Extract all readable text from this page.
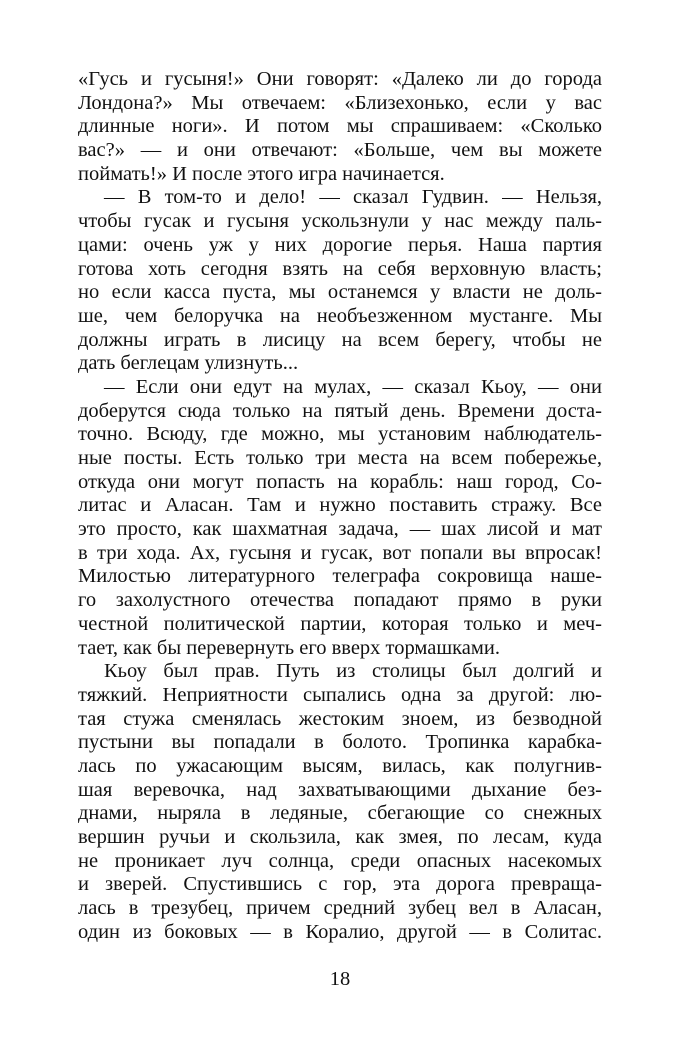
«Гусь и гусыня!» Они говорят: «Далеко ли до города
Лондона?» Мы отвечаем: «Близехонько, если у вас
длинные ноги». И потом мы спрашиваем: «Сколько
вас?» — и они отвечают: «Больше, чем вы можете
поймать!» И после этого игра начинается.
— В том-то и дело! — сказал Гудвин. — Нельзя,
чтобы гусак и гусыня ускользнули у нас между паль-
цами: очень уж у них дорогие перья. Наша партия
готова хоть сегодня взять на себя верховную власть;
но если касса пуста, мы останемся у власти не доль-
ше, чем белоручка на необъезженном мустанге. Мы
должны играть в лисицу на всем берегу, чтобы не
дать беглецам улизнуть...
— Если они едут на мулах, — сказал Кьоу, — они
доберутся сюда только на пятый день. Времени доста-
точно. Всюду, где можно, мы установим наблюдатель-
ные посты. Есть только три места на всем побережье,
откуда они могут попасть на корабль: наш город, Со-
литас и Аласан. Там и нужно поставить стражу. Все
это просто, как шахматная задача, — шах лисой и мат
в три хода. Ах, гусыня и гусак, вот попали вы впросак!
Милостью литературного телеграфа сокровища наше-
го захолустного отечества попадают прямо в руки
честной политической партии, которая только и меч-
тает, как бы перевернуть его вверх тормашками.
Кьоу был прав. Путь из столицы был долгий и
тяжкий. Неприятности сыпались одна за другой: лю-
тая стужа сменялась жестоким зноем, из безводной
пустыни вы попадали в болото. Тропинка карабка-
лась по ужасающим высям, вилась, как полугнив-
шая веревочка, над захватывающими дыхание без-
днами, ныряла в ледяные, сбегающие со снежных
вершин ручьи и скользила, как змея, по лесам, куда
не проникает луч солнца, среди опасных насекомых
и зверей. Спустившись с гор, эта дорога превраща-
лась в трезубец, причем средний зубец вел в Аласан,
один из боковых — в Коралио, другой — в Солитас.
18
